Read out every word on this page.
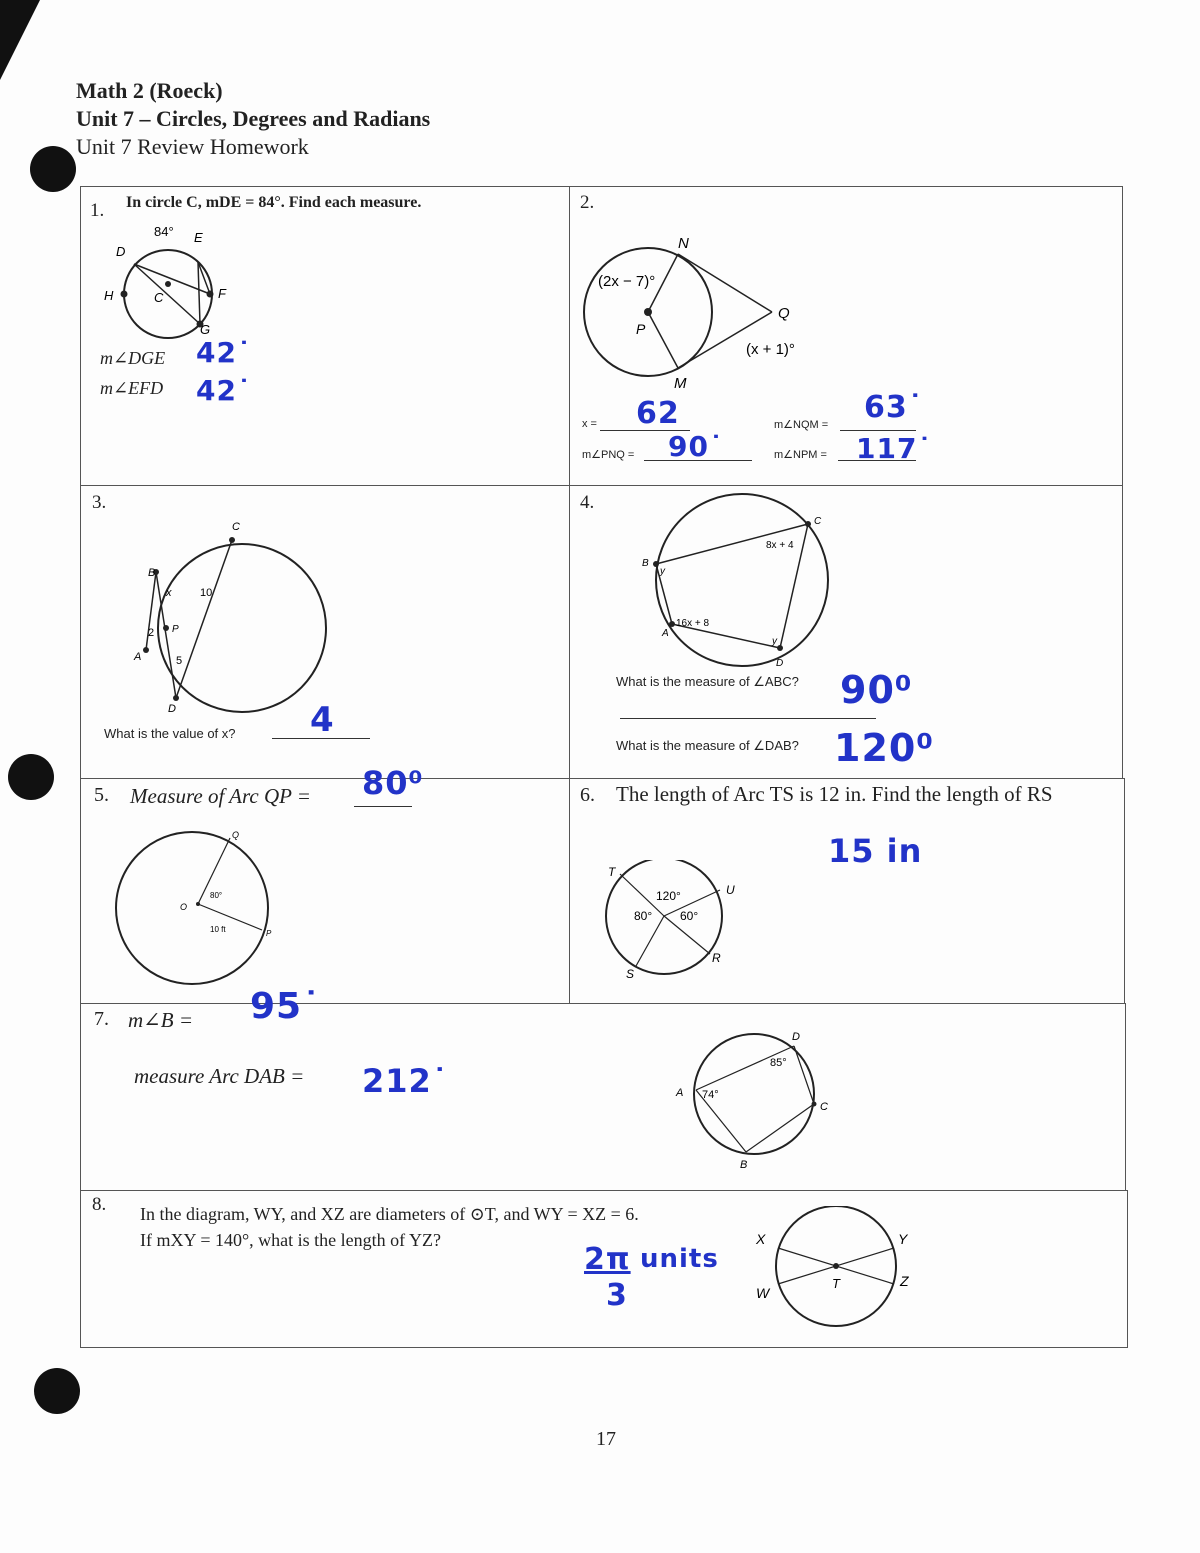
Math 2 (Roeck)
Unit 7 – Circles, Degrees and Radians
Unit 7 Review Homework
1. In circle C, mDE = 84°. Find each measure.
84°
D
E
H	C	F
G
m∠DGE 42˙
m∠EFD 42˙
2.
N
Q
P
M
(2x − 7)°
(x + 1)°
x = 62
m∠PNQ = 90˙
m∠NQM = 63˙
m∠NPM = 117˙
3.
C
B
x	10
2 P
A	5
D
What is the value of x? 4
4.
C
B
8x + 4
y
16x + 8
A
y
D
What is the measure of ∠ABC? 90⁰
What is the measure of ∠DAB? 120⁰
5. Measure of Arc QP = 80⁰
Q
O
80°
10 ft	P
6. The length of Arc TS is 12 in. Find the length of RS
15 in
T
U
120°
80° 60°
R
S
7. m∠B = 95˙
measure Arc DAB = 212˙
D
85°
A 74°
C
B
8. In the diagram, WY, and XZ are diameters of ⊙T, and WY = XZ = 6.
If mXY = 140°, what is the length of YZ?
2π units
3
X	Y
T
W
Z
17
